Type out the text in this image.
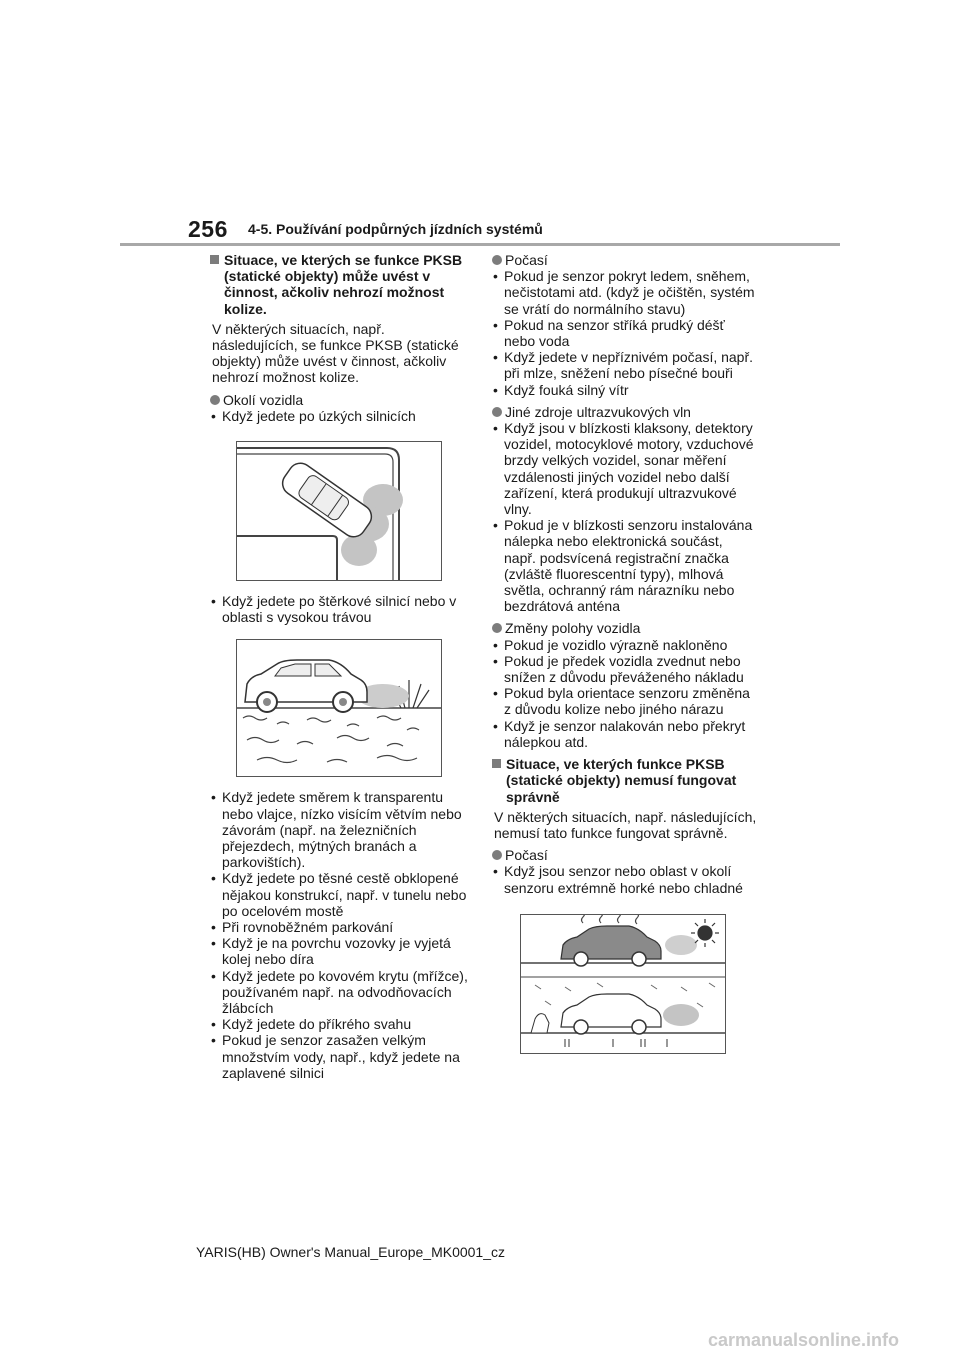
256 4-5. Používání podpůrných jízdních systémů
Situace, ve kterých se funkce PKSB (statické objekty) může uvést v činnost, ačkoliv nehrozí možnost kolize.
V některých situacích, např. následujících, se funkce PKSB (statické objekty) může uvést v činnost, ačkoliv nehrozí možnost kolize.
Okolí vozidla
• Když jedete po úzkých silnicích
• Když jedete po štěrkové silnicí nebo v oblasti s vysokou trávou
• Když jedete směrem k transparentu nebo vlajce, nízko visícím větvím nebo závorám (např. na železničních přejezdech, mýtných branách a parkovištích).
• Když jedete po těsné cestě obklopené nějakou konstrukcí, např. v tunelu nebo po ocelovém mostě
• Při rovnoběžném parkování
• Když je na povrchu vozovky je vyjetá kolej nebo díra
• Když jedete po kovovém krytu (mřížce), používaném např. na odvodňovacích žlábcích
• Když jedete do příkrého svahu
• Pokud je senzor zasažen velkým množstvím vody, např., když jedete na zaplavené silnici
Počasí
• Pokud je senzor pokryt ledem, sněhem, nečistotami atd. (když je očištěn, systém se vrátí do normálního stavu)
• Pokud na senzor stříká prudký déšť nebo voda
• Když jedete v nepříznivém počasí, např. při mlze, sněžení nebo písečné bouři
• Když fouká silný vítr
Jiné zdroje ultrazvukových vln
• Když jsou v blízkosti klaksony, detektory vozidel, motocyklové motory, vzduchové brzdy velkých vozidel, sonar měření vzdálenosti jiných vozidel nebo další zařízení, která produkují ultrazvukové vlny.
• Pokud je v blízkosti senzoru instalována nálepka nebo elektronická součást, např. podsvícená registrační značka (zvláště fluorescentní typy), mlhová světla, ochranný rám nárazníku nebo bezdrátová anténa
Změny polohy vozidla
• Pokud je vozidlo výrazně nakloněno
• Pokud je předek vozidla zvednut nebo snížen z důvodu převáženého nákladu
• Pokud byla orientace senzoru změněna z důvodu kolize nebo jiného nárazu
• Když je senzor nalakován nebo překryt nálepkou atd.
Situace, ve kterých funkce PKSB (statické objekty) nemusí fungovat správně
V některých situacích, např. následujících, nemusí tato funkce fungovat správně.
Počasí
• Když jsou senzor nebo oblast v okolí senzoru extrémně horké nebo chladné
YARIS(HB) Owner's Manual_Europe_MK0001_cz
carmanualsonline.info
